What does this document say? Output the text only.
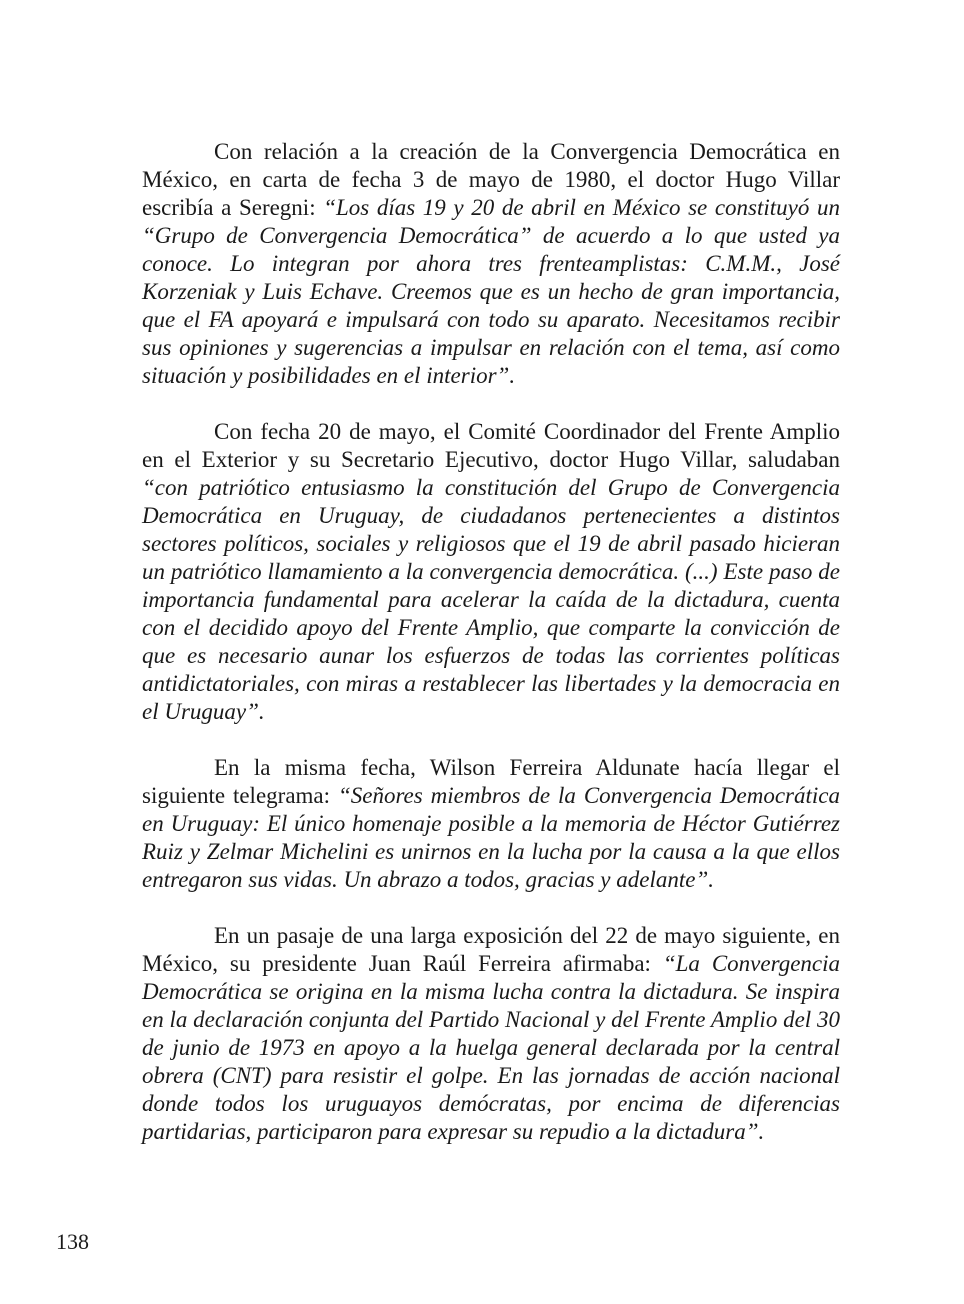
Con relación a la creación de la Convergencia Democrática en México, en carta de fecha 3 de mayo de 1980, el doctor Hugo Villar escribía a Seregni: “Los días 19 y 20 de abril en México se constituyó un “Grupo de Convergencia Democrática” de acuerdo a lo que usted ya conoce. Lo integran por ahora tres frenteamplistas: C.M.M., José Korzeniak y Luis Echave. Creemos que es un hecho de gran importancia, que el FA apoyará e impulsará con todo su aparato. Necesitamos recibir sus opiniones y sugerencias a impulsar en relación con el tema, así como situación y posibilidades en el interior”.

Con fecha 20 de mayo, el Comité Coordinador del Frente Amplio en el Exterior y su Secretario Ejecutivo, doctor Hugo Villar, saludaban “con patriótico entusiasmo la constitución del Grupo de Convergencia Democrática en Uruguay, de ciudadanos pertenecientes a distintos sectores políticos, sociales y religiosos que el 19 de abril pasado hicieran un patriótico llamamiento a la convergencia democrática. (...) Este paso de importancia fundamental para acelerar la caída de la dictadura, cuenta con el decidido apoyo del Frente Amplio, que comparte la convicción de que es necesario aunar los esfuerzos de todas las corrientes políticas antidictatoriales, con miras a restablecer las libertades y la democracia en el Uruguay”.

En la misma fecha, Wilson Ferreira Aldunate hacía llegar el siguiente telegrama: “Señores miembros de la Convergencia Democrática en Uruguay: El único homenaje posible a la memoria de Héctor Gutiérrez Ruiz y Zelmar Michelini es unirnos en la lucha por la causa a la que ellos entregaron sus vidas. Un abrazo a todos, gracias y adelante”.

En un pasaje de una larga exposición del 22 de mayo siguiente, en México, su presidente Juan Raúl Ferreira afirmaba: “La Convergencia Democrática se origina en la misma lucha contra la dictadura. Se inspira en la declaración conjunta del Partido Nacional y del Frente Amplio del 30 de junio de 1973 en apoyo a la huelga general declarada por la central obrera (CNT) para resistir el golpe. En las jornadas de acción nacional donde todos los uruguayos demócratas, por encima de diferencias partidarias, participaron para expresar su repudio a la dictadura”.

138
